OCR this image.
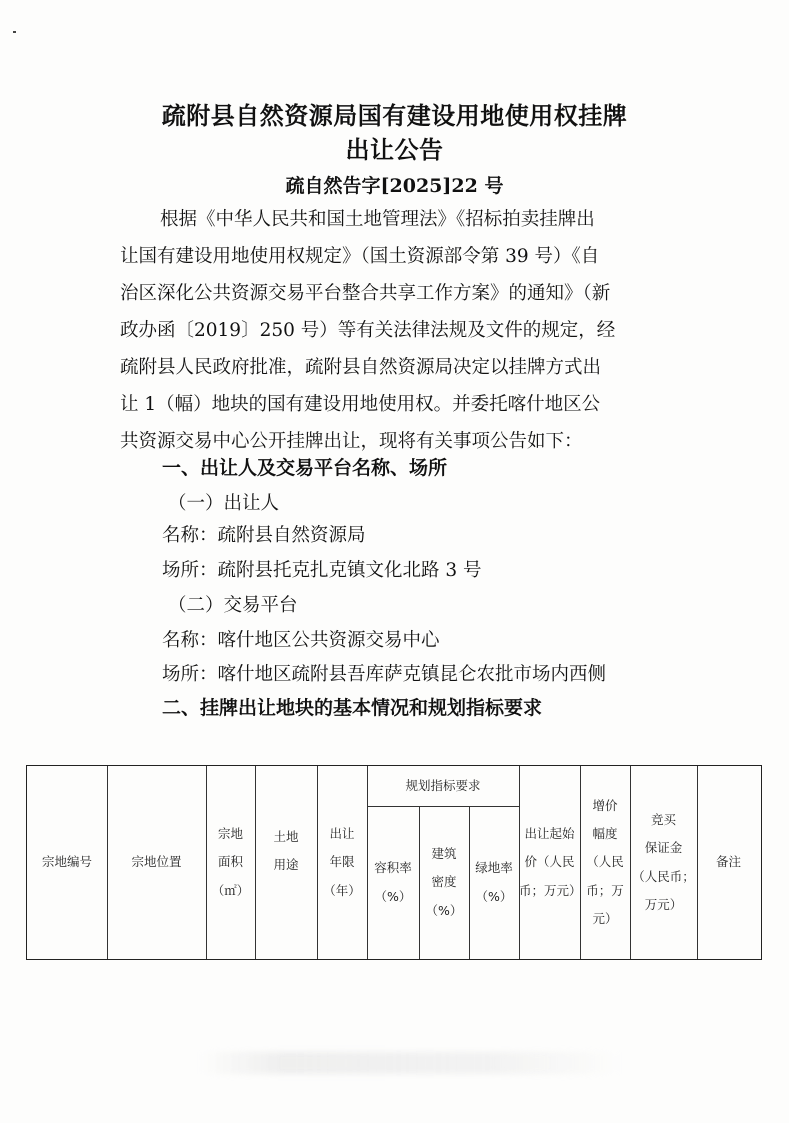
疏附县自然资源局国有建设用地使用权挂牌
出让公告
疏自然告字[2025]22 号
根据《中华人民共和国土地管理法》《招标拍卖挂牌出
让国有建设用地使用权规定》（国土资源部令第 39 号）《自
治区深化公共资源交易平台整合共享工作方案》的通知》（新
政办函〔2019〕250 号）等有关法律法规及文件的规定，经
疏附县人民政府批准，疏附县自然资源局决定以挂牌方式出
让 1（幅）地块的国有建设用地使用权。并委托喀什地区公
共资源交易中心公开挂牌出让，现将有关事项公告如下：
一、出让人及交易平台名称、场所
（一）出让人
名称：疏附县自然资源局
场所：疏附县托克扎克镇文化北路 3 号
（二）交易平台
名称：喀什地区公共资源交易中心
场所：喀什地区疏附县吾库萨克镇昆仑农批市场内西侧
二、挂牌出让地块的基本情况和规划指标要求
宗地编号	宗地位置
宗地
面积
（㎡）
土地
用途
出让
年限
（年）
规划指标要求
容积率
（%）
建筑
密度
（%）
绿地率
（%）
出让起始
价（人民
币；万元）
增价
幅度
（人民
币；万
元）
竞买
保证金
（人民币；
万元）
备注
